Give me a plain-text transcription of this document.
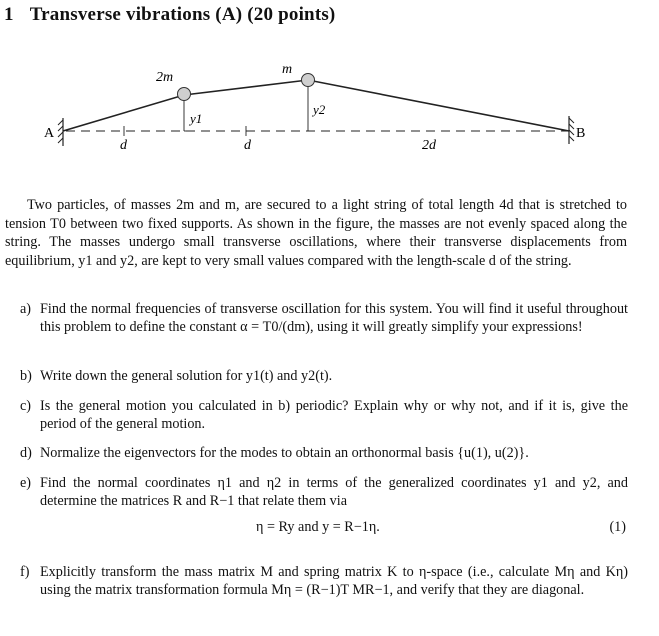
1 Transverse vibrations (A) (20 points)
A	B
2m
m
y1
y2
d	d	2d
Two particles, of masses 2m and m, are secured to a light string of total length 4d that is stretched to tension T0 between two fixed supports. As shown in the figure, the masses are not evenly spaced along the string. The masses undergo small transverse oscillations, where their transverse displacements from equilibrium, y1 and y2, are kept to very small values compared with the length-scale d of the string.
a) Find the normal frequencies of transverse oscillation for this system. You will find it useful throughout this problem to define the constant α = T0/(dm), using it will greatly simplify your expressions!
b) Write down the general solution for y1(t) and y2(t).
c) Is the general motion you calculated in b) periodic? Explain why or why not, and if it is, give the period of the general motion.
d) Normalize the eigenvectors for the modes to obtain an orthonormal basis {u(1), u(2)}.
e) Find the normal coordinates η1 and η2 in terms of the generalized coordinates y1 and y2, and determine the matrices R and R−1 that relate them via
η = Ry and y = R−1η.	(1)
f) Explicitly transform the mass matrix M and spring matrix K to η-space (i.e., calculate Mη and Kη) using the matrix transformation formula Mη = (R−1)T MR−1, and verify that they are diagonal.
